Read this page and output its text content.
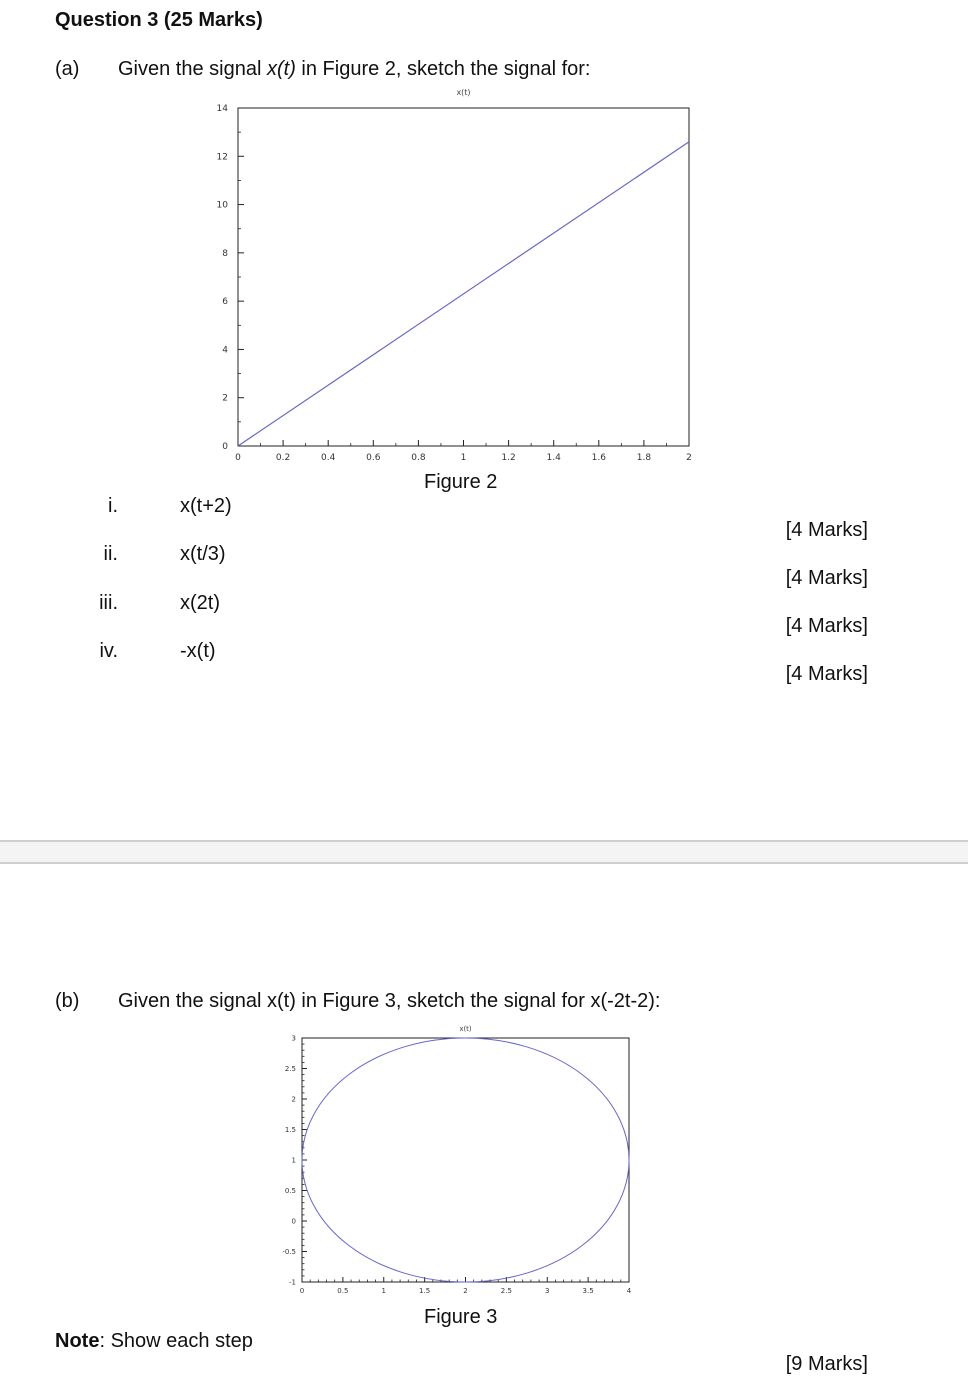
Question 3 (25 Marks)
(a) Given the signal x(t) in Figure 2, sketch the signal for:
x(t)
0	0.2	0.4	0.6	0.8	1	1.2	1.4	1.6	1.8	2
0
2
4
6
8
10
12
14
Figure 2
i.	x(t+2)
[4 Marks]
ii.	x(t/3)
[4 Marks]
iii.	x(2t)
[4 Marks]
iv.	-x(t)
[4 Marks]
(b) Given the signal x(t) in Figure 3, sketch the signal for x(-2t-2):
x(t)
0	0.5	1	1.5	2	2.5	3	3.5	4
-1
-0.5
0
0.5
1
1.5
2
2.5
3
Figure 3
Note: Show each step
[9 Marks]
